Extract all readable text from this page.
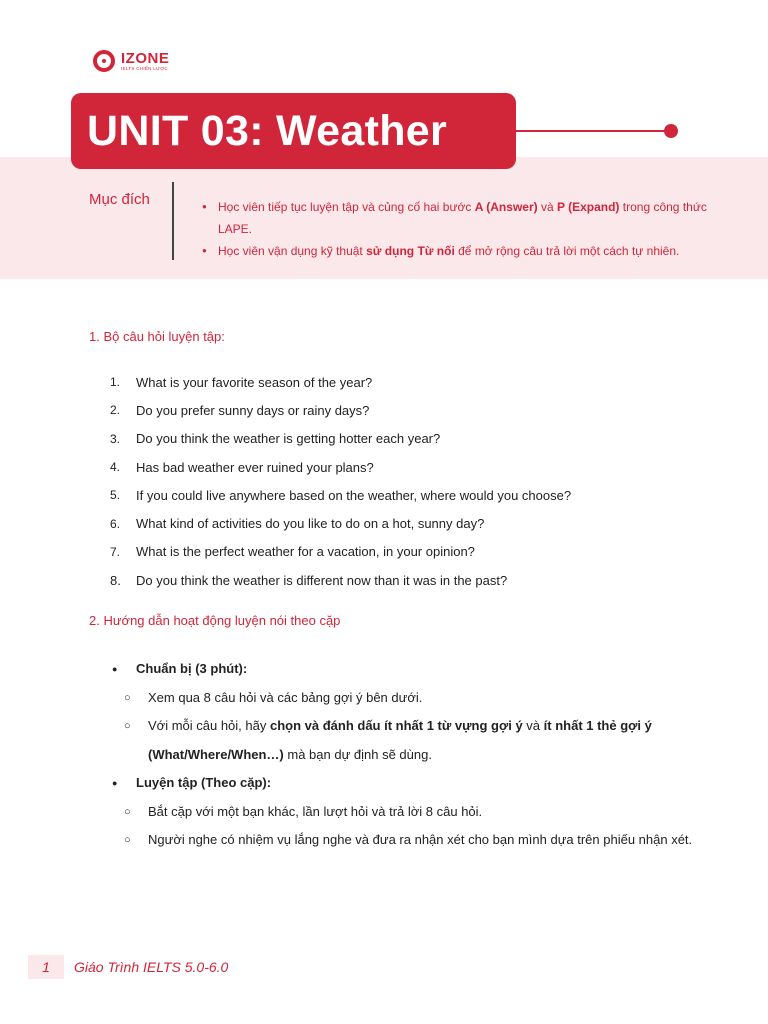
IZONE
IELTS CHIẾN LƯỢC
UNIT 03: Weather
Mục đích
●	Học viên tiếp tục luyện tập và củng cố hai bước A (Answer) và P (Expand) trong công thức LAPE.
● Học viên vận dụng kỹ thuật sử dụng Từ nối để mở rộng câu trả lời một cách tự nhiên.
1. Bộ câu hỏi luyện tập:
1.	What is your favorite season of the year?
2.	Do you prefer sunny days or rainy days?
3.	Do you think the weather is getting hotter each year?
4.	Has bad weather ever ruined your plans?
5.	If you could live anywhere based on the weather, where would you choose?
6.	What kind of activities do you like to do on a hot, sunny day?
7.	What is the perfect weather for a vacation, in your opinion?
8.	Do you think the weather is different now than it was in the past?
2. Hướng dẫn hoạt động luyện nói theo cặp
●	Chuẩn bị (3 phút):
○	Xem qua 8 câu hỏi và các bảng gợi ý bên dưới.
○	Với mỗi câu hỏi, hãy chọn và đánh dấu ít nhất 1 từ vựng gợi ý và ít nhất 1 thẻ gợi ý (What/Where/When…) mà bạn dự định sẽ dùng.
●	Luyện tập (Theo cặp):
○	Bắt cặp với một bạn khác, lần lượt hỏi và trả lời 8 câu hỏi.
○	Người nghe có nhiệm vụ lắng nghe và đưa ra nhận xét cho bạn mình dựa trên phiếu nhận xét.
1	Giáo Trình IELTS 5.0-6.0
